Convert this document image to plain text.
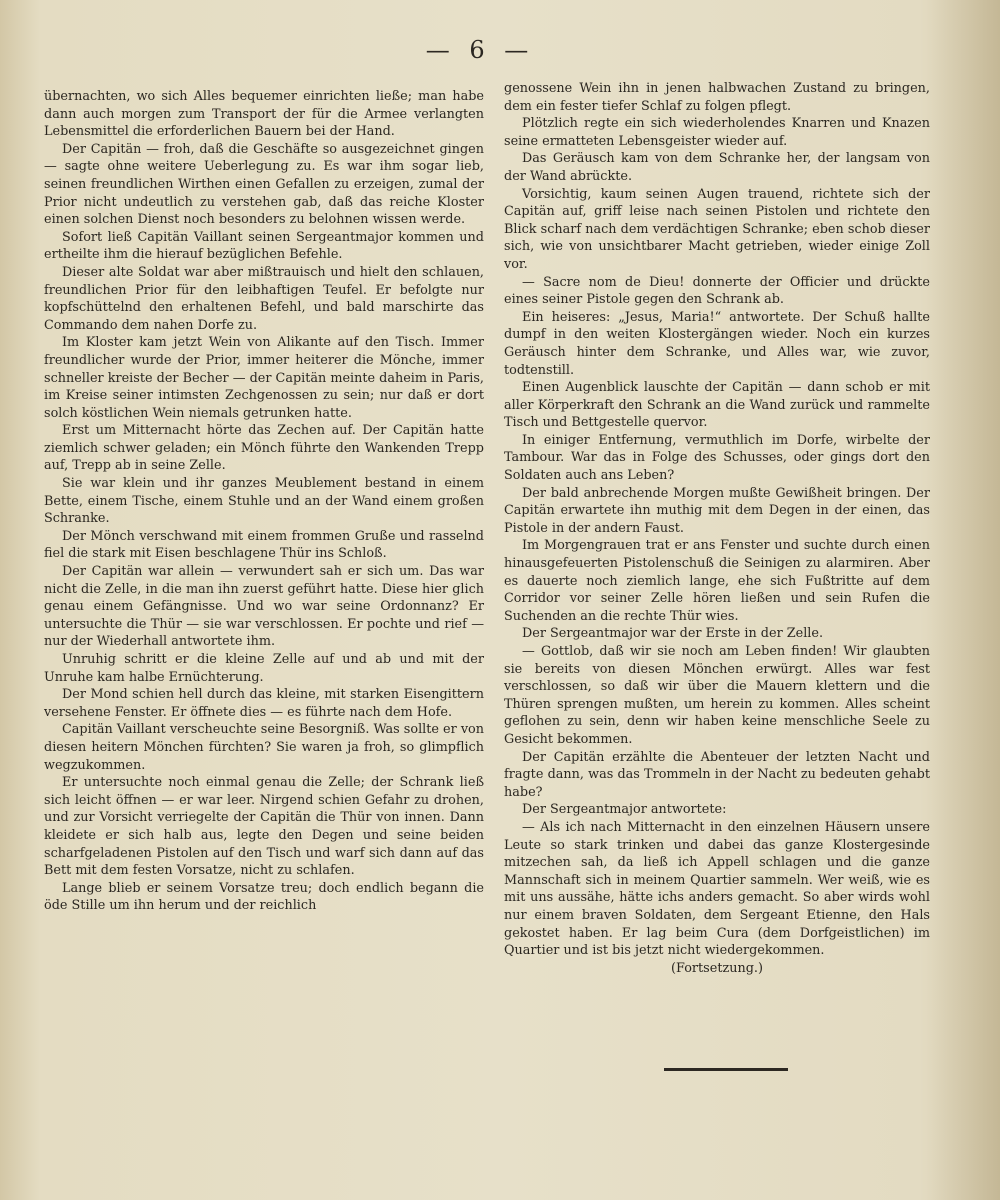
— 6 —

übernachten, wo sich Alles bequemer einrichten ließe; man habe dann auch morgen zum Transport der für die Armee verlangten Lebensmittel die erforderlichen Bauern bei der Hand.

Der Capitän — froh, daß die Geschäfte so ausgezeichnet gingen — sagte ohne weitere Ueberlegung zu. Es war ihm sogar lieb, seinen freundlichen Wirthen einen Gefallen zu erzeigen, zumal der Prior nicht undeutlich zu verstehen gab, daß das reiche Kloster einen solchen Dienst noch besonders zu belohnen wissen werde.

Sofort ließ Capitän Vaillant seinen Sergeantmajor kommen und ertheilte ihm die hierauf bezüglichen Befehle.

Dieser alte Soldat war aber mißtrauisch und hielt den schlauen, freundlichen Prior für den leibhaftigen Teufel. Er befolgte nur kopfschüttelnd den erhaltenen Befehl, und bald marschirte das Commando dem nahen Dorfe zu.

Im Kloster kam jetzt Wein von Alikante auf den Tisch. Immer freundlicher wurde der Prior, immer heiterer die Mönche, immer schneller kreiste der Becher — der Capitän meinte daheim in Paris, im Kreise seiner intimsten Zechgenossen zu sein; nur daß er dort solch köstlichen Wein niemals getrunken hatte.

Erst um Mitternacht hörte das Zechen auf. Der Capitän hatte ziemlich schwer geladen; ein Mönch führte den Wankenden Trepp auf, Trepp ab in seine Zelle.

Sie war klein und ihr ganzes Meublement bestand in einem Bette, einem Tische, einem Stuhle und an der Wand einem großen Schranke.

Der Mönch verschwand mit einem frommen Gruße und rasselnd fiel die stark mit Eisen beschlagene Thür ins Schloß.

Der Capitän war allein — verwundert sah er sich um. Das war nicht die Zelle, in die man ihn zuerst geführt hatte. Diese hier glich genau einem Gefängnisse. Und wo war seine Ordonnanz? Er untersuchte die Thür — sie war verschlossen. Er pochte und rief — nur der Wiederhall antwortete ihm.

Unruhig schritt er die kleine Zelle auf und ab und mit der Unruhe kam halbe Ernüchterung.

Der Mond schien hell durch das kleine, mit starken Eisengittern versehene Fenster. Er öffnete dies — es führte nach dem Hofe.

Capitän Vaillant verscheuchte seine Besorgniß. Was sollte er von diesen heitern Mönchen fürchten? Sie waren ja froh, so glimpflich wegzukommen.

Er untersuchte noch einmal genau die Zelle; der Schrank ließ sich leicht öffnen — er war leer. Nirgend schien Gefahr zu drohen, und zur Vorsicht verriegelte der Capitän die Thür von innen. Dann kleidete er sich halb aus, legte den Degen und seine beiden scharfgeladenen Pistolen auf den Tisch und warf sich dann auf das Bett mit dem festen Vorsatze, nicht zu schlafen.

Lange blieb er seinem Vorsatze treu; doch endlich begann die öde Stille um ihn herum und der reichlich

genossene Wein ihn in jenen halbwachen Zustand zu bringen, dem ein fester tiefer Schlaf zu folgen pflegt.

Plötzlich regte ein sich wiederholendes Knarren und Knazen seine ermatteten Lebensgeister wieder auf.

Das Geräusch kam von dem Schranke her, der langsam von der Wand abrückte.

Vorsichtig, kaum seinen Augen trauend, richtete sich der Capitän auf, griff leise nach seinen Pistolen und richtete den Blick scharf nach dem verdächtigen Schranke; eben schob dieser sich, wie von unsichtbarer Macht getrieben, wieder einige Zoll vor.

— Sacre nom de Dieu! donnerte der Officier und drückte eines seiner Pistole gegen den Schrank ab.

Ein heiseres: „Jesus, Maria!“ antwortete. Der Schuß hallte dumpf in den weiten Klostergängen wieder. Noch ein kurzes Geräusch hinter dem Schranke, und Alles war, wie zuvor, todtenstill.

Einen Augenblick lauschte der Capitän — dann schob er mit aller Körperkraft den Schrank an die Wand zurück und rammelte Tisch und Bettgestelle quervor.

In einiger Entfernung, vermuthlich im Dorfe, wirbelte der Tambour. War das in Folge des Schusses, oder gings dort den Soldaten auch ans Leben?

Der bald anbrechende Morgen mußte Gewißheit bringen. Der Capitän erwartete ihn muthig mit dem Degen in der einen, das Pistole in der andern Faust.

Im Morgengrauen trat er ans Fenster und suchte durch einen hinausgefeuerten Pistolenschuß die Seinigen zu alarmiren. Aber es dauerte noch ziemlich lange, ehe sich Fußtritte auf dem Corridor vor seiner Zelle hören ließen und sein Rufen die Suchenden an die rechte Thür wies.

Der Sergeantmajor war der Erste in der Zelle.

— Gottlob, daß wir sie noch am Leben finden! Wir glaubten sie bereits von diesen Mönchen erwürgt. Alles war fest verschlossen, so daß wir über die Mauern klettern und die Thüren sprengen mußten, um herein zu kommen. Alles scheint geflohen zu sein, denn wir haben keine menschliche Seele zu Gesicht bekommen.

Der Capitän erzählte die Abenteuer der letzten Nacht und fragte dann, was das Trommeln in der Nacht zu bedeuten gehabt habe?

Der Sergeantmajor antwortete:

— Als ich nach Mitternacht in den einzelnen Häusern unsere Leute so stark trinken und dabei das ganze Klostergesinde mitzechen sah, da ließ ich Appell schlagen und die ganze Mannschaft sich in meinem Quartier sammeln. Wer weiß, wie es mit uns aussähe, hätte ichs anders gemacht. So aber wirds wohl nur einem braven Soldaten, dem Sergeant Etienne, den Hals gekostet haben. Er lag beim Cura (dem Dorfgeistlichen) im Quartier und ist bis jetzt nicht wiedergekommen.

(Fortsetzung.)
